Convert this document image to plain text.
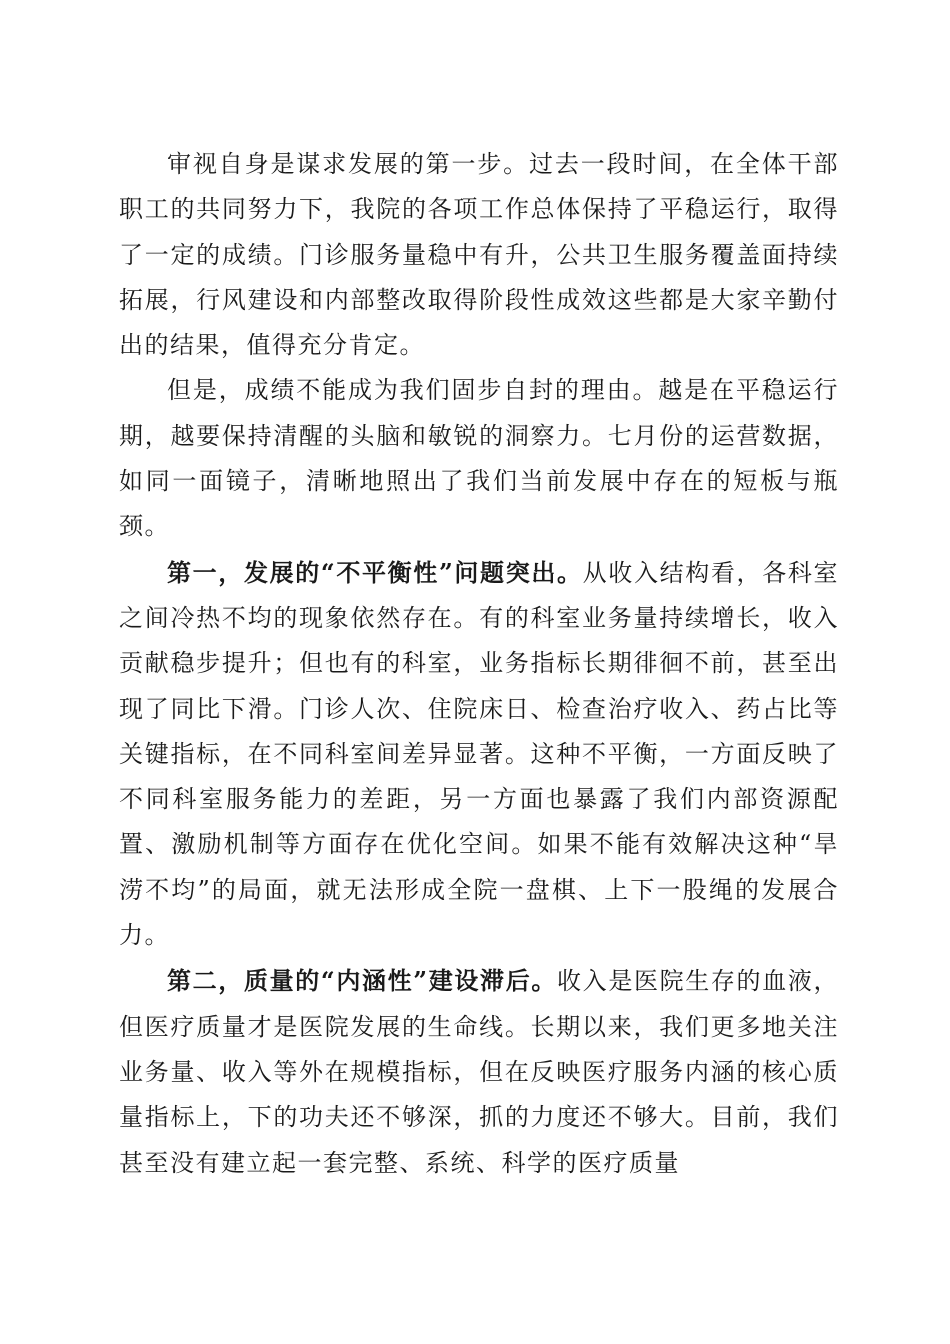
审视自身是谋求发展的第一步。过去一段时间，在全体干部职工的共同努力下，我院的各项工作总体保持了平稳运行，取得了一定的成绩。门诊服务量稳中有升，公共卫生服务覆盖面持续拓展，行风建设和内部整改取得阶段性成效这些都是大家辛勤付出的结果，值得充分肯定。

但是，成绩不能成为我们固步自封的理由。越是在平稳运行期，越要保持清醒的头脑和敏锐的洞察力。七月份的运营数据，如同一面镜子，清晰地照出了我们当前发展中存在的短板与瓶颈。

第一，发展的“不平衡性”问题突出。从收入结构看，各科室之间冷热不均的现象依然存在。有的科室业务量持续增长，收入贡献稳步提升；但也有的科室，业务指标长期徘徊不前，甚至出现了同比下滑。门诊人次、住院床日、检查治疗收入、药占比等关键指标，在不同科室间差异显著。这种不平衡，一方面反映了不同科室服务能力的差距，另一方面也暴露了我们内部资源配置、激励机制等方面存在优化空间。如果不能有效解决这种“旱涝不均”的局面，就无法形成全院一盘棋、上下一股绳的发展合力。

第二，质量的“内涵性”建设滞后。收入是医院生存的血液，但医疗质量才是医院发展的生命线。长期以来，我们更多地关注业务量、收入等外在规模指标，但在反映医疗服务内涵的核心质量指标上，下的功夫还不够深，抓的力度还不够大。目前，我们甚至没有建立起一套完整、系统、科学的医疗质量
